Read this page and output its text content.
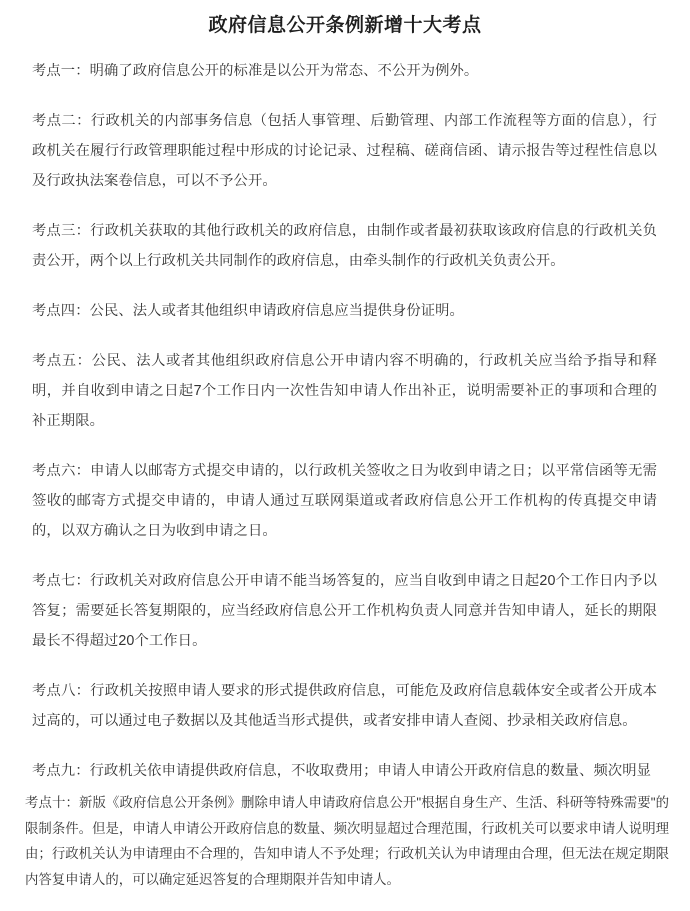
政府信息公开条例新增十大考点

考点一：明确了政府信息公开的标准是以公开为常态、不公开为例外。

考点二：行政机关的内部事务信息（包括人事管理、后勤管理、内部工作流程等方面的信息），行政机关在履行行政管理职能过程中形成的讨论记录、过程稿、磋商信函、请示报告等过程性信息以及行政执法案卷信息，可以不予公开。

考点三：行政机关获取的其他行政机关的政府信息，由制作或者最初获取该政府信息的行政机关负责公开，两个以上行政机关共同制作的政府信息，由牵头制作的行政机关负责公开。

考点四：公民、法人或者其他组织申请政府信息应当提供身份证明。

考点五：公民、法人或者其他组织政府信息公开申请内容不明确的，行政机关应当给予指导和释明，并自收到申请之日起7个工作日内一次性告知申请人作出补正，说明需要补正的事项和合理的补正期限。

考点六：申请人以邮寄方式提交申请的，以行政机关签收之日为收到申请之日；以平常信函等无需签收的邮寄方式提交申请的，申请人通过互联网渠道或者政府信息公开工作机构的传真提交申请的，以双方确认之日为收到申请之日。

考点七：行政机关对政府信息公开申请不能当场答复的，应当自收到申请之日起20个工作日内予以答复；需要延长答复期限的，应当经政府信息公开工作机构负责人同意并告知申请人，延长的期限最长不得超过20个工作日。

考点八：行政机关按照申请人要求的形式提供政府信息，可能危及政府信息载体安全或者公开成本过高的，可以通过电子数据以及其他适当形式提供，或者安排申请人查阅、抄录相关政府信息。

考点九：行政机关依申请提供政府信息，不收取费用；申请人申请公开政府信息的数量、频次明显

考点十：新版《政府信息公开条例》删除申请人申请政府信息公开"根据自身生产、生活、科研等特殊需要"的限制条件。但是，申请人申请公开政府信息的数量、频次明显超过合理范围，行政机关可以要求申请人说明理由；行政机关认为申请理由不合理的，告知申请人不予处理；行政机关认为申请理由合理，但无法在规定期限内答复申请人的，可以确定延迟答复的合理期限并告知申请人。
